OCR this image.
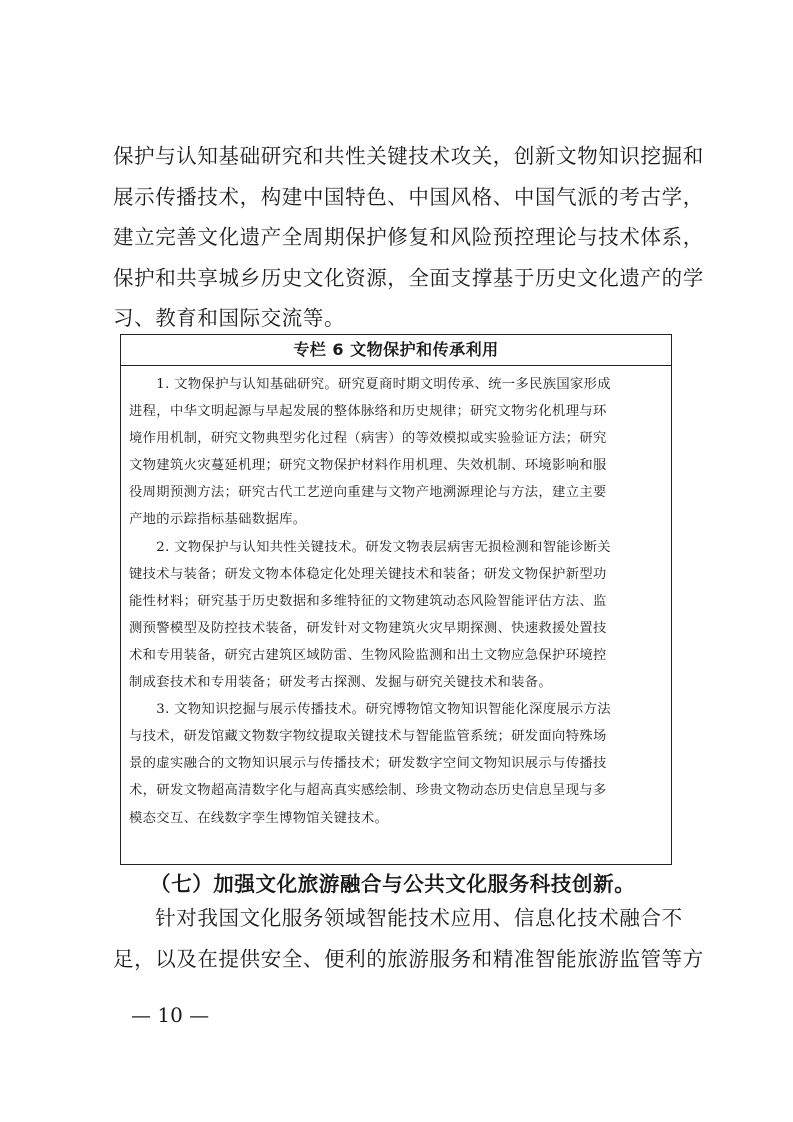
保护与认知基础研究和共性关键技术攻关，创新文物知识挖掘和
展示传播技术，构建中国特色、中国风格、中国气派的考古学，
建立完善文化遗产全周期保护修复和风险预控理论与技术体系，
保护和共享城乡历史文化资源，全面支撑基于历史文化遗产的学
习、教育和国际交流等。
专栏 6 文物保护和传承利用
　　1. 文物保护与认知基础研究。研究夏商时期文明传承、统一多民族国家形成
进程，中华文明起源与早起发展的整体脉络和历史规律；研究文物劣化机理与环
境作用机制，研究文物典型劣化过程（病害）的等效模拟或实验验证方法；研究
文物建筑火灾蔓延机理；研究文物保护材料作用机理、失效机制、环境影响和服
役周期预测方法；研究古代工艺逆向重建与文物产地溯源理论与方法，建立主要
产地的示踪指标基础数据库。
　　2. 文物保护与认知共性关键技术。研发文物表层病害无损检测和智能诊断关
键技术与装备；研发文物本体稳定化处理关键技术和装备；研发文物保护新型功
能性材料；研究基于历史数据和多维特征的文物建筑动态风险智能评估方法、监
测预警模型及防控技术装备，研发针对文物建筑火灾早期探测、快速救援处置技
术和专用装备，研究古建筑区域防雷、生物风险监测和出土文物应急保护环境控
制成套技术和专用装备；研发考古探测、发掘与研究关键技术和装备。
　　3. 文物知识挖掘与展示传播技术。研究博物馆文物知识智能化深度展示方法
与技术，研发馆藏文物数字物纹提取关键技术与智能监管系统；研发面向特殊场
景的虚实融合的文物知识展示与传播技术；研发数字空间文物知识展示与传播技
术，研发文物超高清数字化与超高真实感绘制、珍贵文物动态历史信息呈现与多
模态交互、在线数字孪生博物馆关键技术。
（七）加强文化旅游融合与公共文化服务科技创新。
　　针对我国文化服务领域智能技术应用、信息化技术融合不
足，以及在提供安全、便利的旅游服务和精准智能旅游监管等方
— 10 —
